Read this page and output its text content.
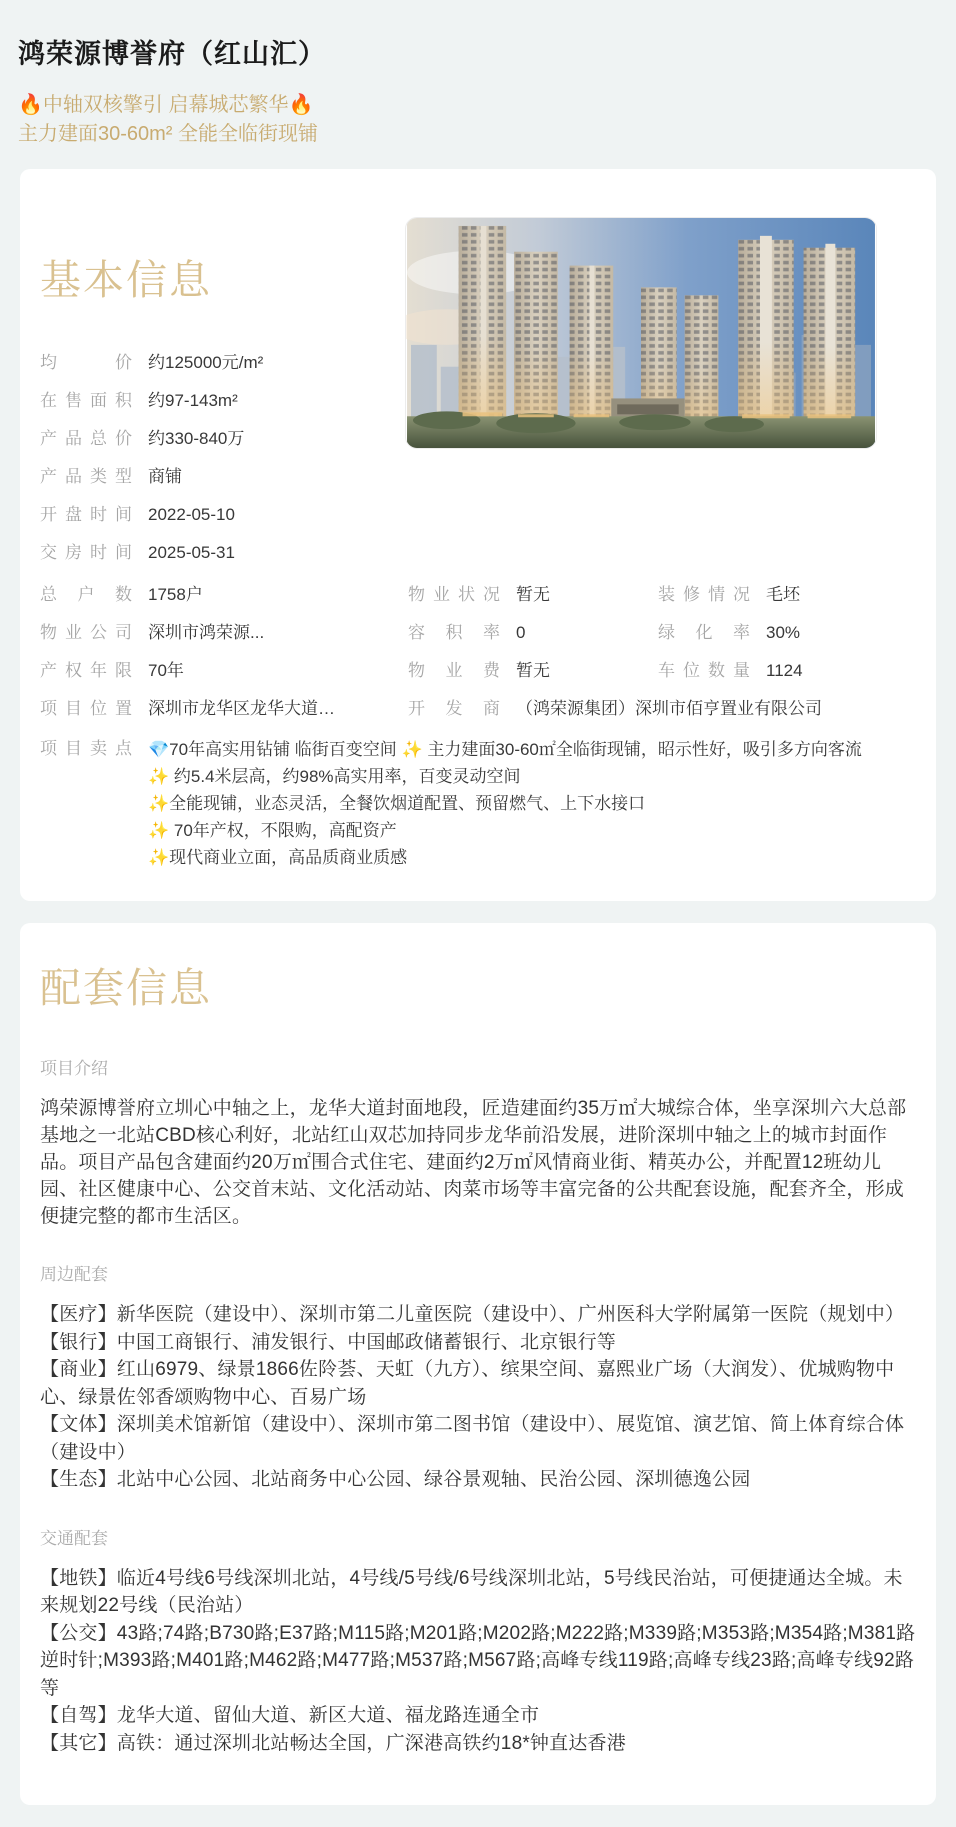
鸿荣源博誉府（红山汇）
🔥中轴双核擎引 启幕城芯繁华🔥
主力建面30-60m² 全能全临街现铺
基本信息
均价 约125000元/m²
在售面积 约97-143m²
产品总价 约330-840万
产品类型 商铺
开盘时间 2022-05-10
交房时间 2025-05-31
总户数 1758户	物业状况 暂无	装修情况 毛坯
物业公司 深圳市鸿荣源...	容积率 0	绿化率 30%
产权年限 70年	物业费 暂无	车位数量 1124
项目位置 深圳市龙华区龙华大道…	开发商 （鸿荣源集团）深圳市佰亨置业有限公司
项目卖点 💎70年高实用钻铺 临街百变空间 ✨ 主力建面30-60㎡全临街现铺，昭示性好，吸引多方向客流
✨ 约5.4米层高，约98%高实用率，百变灵动空间
✨全能现铺，业态灵活，全餐饮烟道配置、预留燃气、上下水接口
✨ 70年产权，不限购，高配资产
✨现代商业立面，高品质商业质感
配套信息
项目介绍

鸿荣源博誉府立圳心中轴之上，龙华大道封面地段，匠造建面约35万㎡大城综合体，坐享深圳六大总部基地之一北站CBD核心利好，北站红山双芯加持同步龙华前沿发展，进阶深圳中轴之上的城市封面作品。项目产品包含建面约20万㎡围合式住宅、建面约2万㎡风情商业街、精英办公，并配置12班幼儿园、社区健康中心、公交首末站、文化活动站、肉菜市场等丰富完备的公共配套设施，配套齐全，形成便捷完整的都市生活区。

周边配套
【医疗】新华医院（建设中）、深圳市第二儿童医院（建设中）、广州医科大学附属第一医院（规划中）
【银行】中国工商银行、浦发银行、中国邮政储蓄银行、北京银行等
【商业】红山6979、绿景1866佐阾荟、天虹（九方）、缤果空间、嘉熙业广场（大润发）、优城购物中心、绿景佐邻香颂购物中心、百易广场
【文体】深圳美术馆新馆（建设中）、深圳市第二图书馆（建设中）、展览馆、演艺馆、简上体育综合体（建设中）
【生态】北站中心公园、北站商务中心公园、绿谷景观轴、民治公园、深圳德逸公园
交通配套
【地铁】临近4号线6号线深圳北站，4号线/5号线/6号线深圳北站，5号线民治站，可便捷通达全城。未来规划22号线（民治站）
【公交】43路;74路;B730路;E37路;M115路;M201路;M202路;M222路;M339路;M353路;M354路;M381路逆时针;M393路;M401路;M462路;M477路;M537路;M567路;高峰专线119路;高峰专线23路;高峰专线92路等
【自驾】龙华大道、留仙大道、新区大道、福龙路连通全市
【其它】高铁：通过深圳北站畅达全国，广深港高铁约18*钟直达香港
